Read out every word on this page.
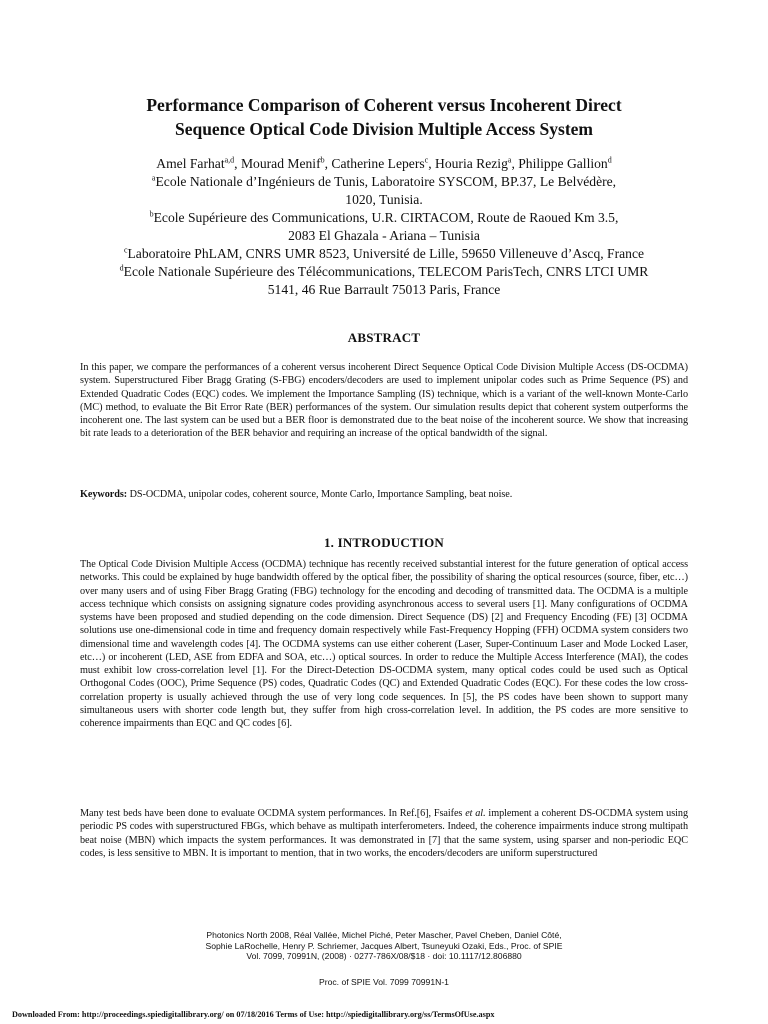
Performance Comparison of Coherent versus Incoherent Direct
Sequence Optical Code Division Multiple Access System
Amel Farhat$^{a,d}$, Mourad Menif$^b$, Catherine Lepers$^c$, Houria Rezig$^a$, Philippe Gallion$^d$
$^a$Ecole Nationale d’Ingénieurs de Tunis, Laboratoire SYSCOM, BP.37, Le Belvédère,
1020, Tunisia.
$^b$Ecole Supérieure des Communications, U.R. CIRTACOM, Route de Raoued Km 3.5,
2083 El Ghazala - Ariana – Tunisia
$^c$Laboratoire PhLAM, CNRS UMR 8523, Université de Lille, 59650 Villeneuve d’Ascq, France
$^d$Ecole Nationale Supérieure des Télécommunications, TELECOM ParisTech, CNRS LTCI UMR
5141, 46 Rue Barrault 75013 Paris, France
ABSTRACT
In this paper, we compare the performances of a coherent versus incoherent Direct Sequence Optical Code Division Multiple Access (DS-OCDMA) system. Superstructured Fiber Bragg Grating (S-FBG) encoders/decoders are used to implement unipolar codes such as Prime Sequence (PS) and Extended Quadratic Codes (EQC) codes. We implement the Importance Sampling (IS) technique, which is a variant of the well-known Monte-Carlo (MC) method, to evaluate the Bit Error Rate (BER) performances of the system. Our simulation results depict that coherent system outperforms the incoherent one. The last system can be used but a BER floor is demonstrated due to the beat noise of the incoherent source. We show that increasing bit rate leads to a deterioration of the BER behavior and requiring an increase of the optical bandwidth of the signal.
Keywords: DS-OCDMA, unipolar codes, coherent source, Monte Carlo, Importance Sampling, beat noise.
1. INTRODUCTION
The Optical Code Division Multiple Access (OCDMA) technique has recently received substantial interest for the future generation of optical access networks. This could be explained by huge bandwidth offered by the optical fiber, the possibility of sharing the optical resources (source, fiber, etc…) over many users and of using Fiber Bragg Grating (FBG) technology for the encoding and decoding of transmitted data. The OCDMA is a multiple access technique which consists on assigning signature codes providing asynchronous access to several users [1]. Many configurations of OCDMA systems have been proposed and studied depending on the code dimension. Direct Sequence (DS) [2] and Frequency Encoding (FE) [3] OCDMA solutions use one-dimensional code in time and frequency domain respectively while Fast-Frequency Hopping (FFH) OCDMA system considers two dimensional time and wavelength codes [4]. The OCDMA systems can use either coherent (Laser, Super-Continuum Laser and Mode Locked Laser, etc…) or incoherent (LED, ASE from EDFA and SOA, etc…) optical sources. In order to reduce the Multiple Access Interference (MAI), the codes must exhibit low cross-correlation level [1]. For the Direct-Detection DS-OCDMA system, many optical codes could be used such as Optical Orthogonal Codes (OOC), Prime Sequence (PS) codes, Quadratic Codes (QC) and Extended Quadratic Codes (EQC). For these codes the low cross-correlation property is usually achieved through the use of very long code sequences. In [5], the PS codes have been shown to support many simultaneous users with shorter code length but, they suffer from high cross-correlation level. In addition, the PS codes are more sensitive to coherence impairments than EQC and QC codes [6].
Many test beds have been done to evaluate OCDMA system performances. In Ref.[6], Fsaifes et al. implement a coherent DS-OCDMA system using periodic PS codes with superstructured FBGs, which behave as multipath interferometers. Indeed, the coherence impairments induce strong multipath beat noise (MBN) which impacts the system performances. It was demonstrated in [7] that the same system, using sparser and non-periodic EQC codes, is less sensitive to MBN. It is important to mention, that in two works, the encoders/decoders are uniform superstructured
Photonics North 2008, Réal Vallée, Michel Piché, Peter Mascher, Pavel Cheben, Daniel Côté,
Sophie LaRochelle, Henry P. Schriemer, Jacques Albert, Tsuneyuki Ozaki, Eds., Proc. of SPIE
Vol. 7099, 70991N, (2008) · 0277-786X/08/$18 · doi: 10.1117/12.806880
Proc. of SPIE Vol. 7099 70991N-1
Downloaded From: http://proceedings.spiedigitallibrary.org/ on 07/18/2016 Terms of Use: http://spiedigitallibrary.org/ss/TermsOfUse.aspx
